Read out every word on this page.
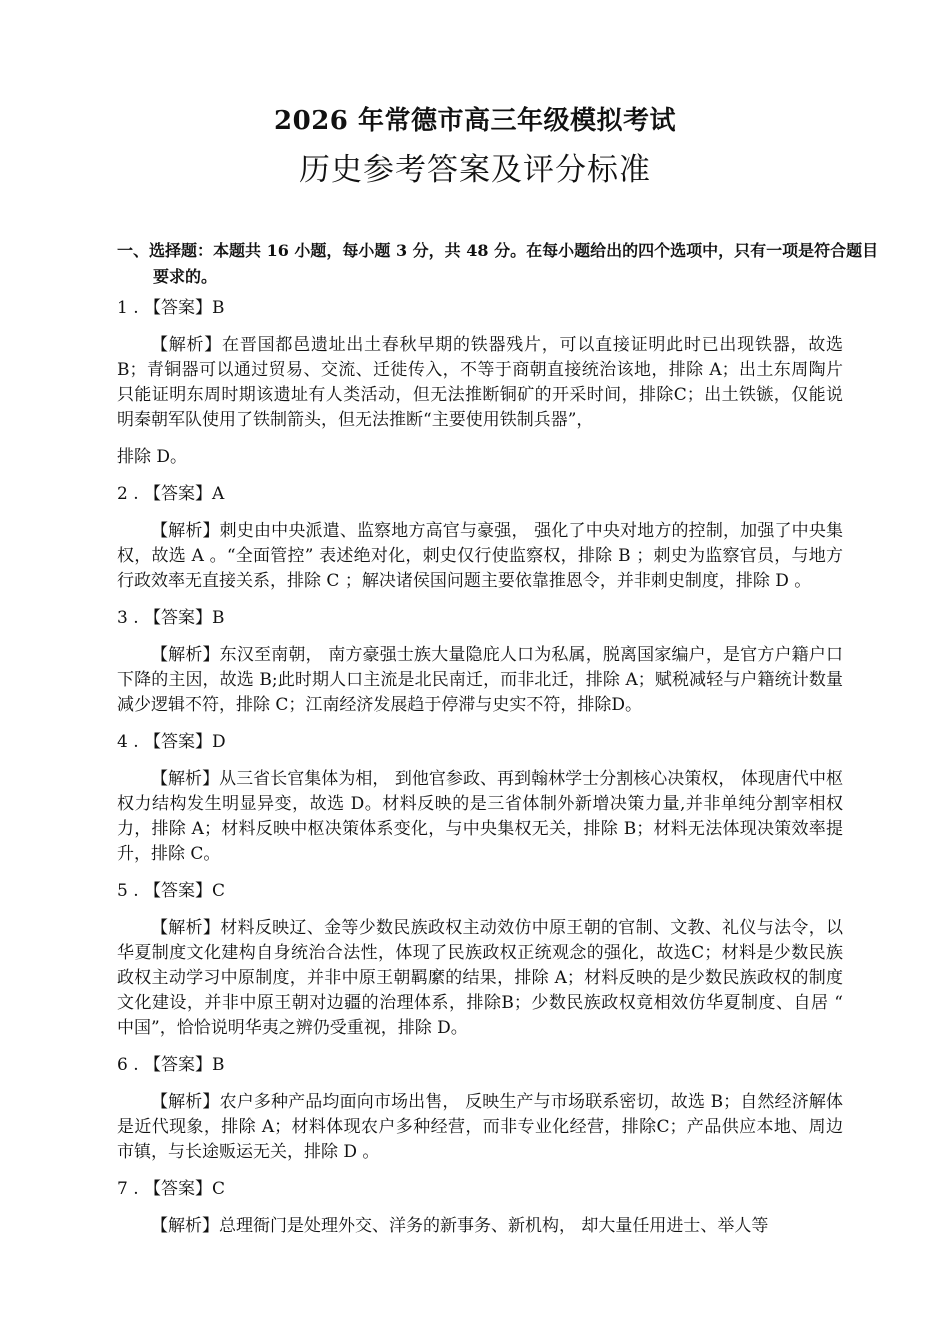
2026 年常德市高三年级模拟考试
历史参考答案及评分标准
一、选择题：本题共 16 小题，每小题 3 分，共 48 分。在每小题给出的四个选项中，只有一项是符合题目要求的。
1 . 【答案】B
【解析】在晋国都邑遗址出土春秋早期的铁器残片，可以直接证明此时已出现铁器，故选 B；青铜器可以通过贸易、交流、迁徙传入，不等于商朝直接统治该地，排除 A；出土东周陶片只能证明东周时期该遗址有人类活动，但无法推断铜矿的开采时间，排除C；出土铁镞，仅能说明秦朝军队使用了铁制箭头，但无法推断“主要使用铁制兵器”，
排除 D。
2 . 【答案】A
【解析】刺史由中央派遣、监察地方高官与豪强， 强化了中央对地方的控制，加强了中央集权，故选 A 。“全面管控” 表述绝对化，刺史仅行使监察权，排除 B ；刺史为监察官员，与地方行政效率无直接关系，排除 C ；解决诸侯国问题主要依靠推恩令，并非刺史制度，排除 D 。
3 . 【答案】B
【解析】东汉至南朝， 南方豪强士族大量隐庇人口为私属，脱离国家编户，是官方户籍户口下降的主因，故选 B;此时期人口主流是北民南迁，而非北迁，排除 A；赋税减轻与户籍统计数量减少逻辑不符，排除 C；江南经济发展趋于停滞与史实不符，排除D。
4 . 【答案】D
【解析】从三省长官集体为相， 到他官参政、再到翰林学士分割核心决策权， 体现唐代中枢权力结构发生明显异变，故选 D。材料反映的是三省体制外新增决策力量,并非单纯分割宰相权力，排除 A；材料反映中枢决策体系变化，与中央集权无关，排除 B；材料无法体现决策效率提升，排除 C。
5 . 【答案】C
【解析】材料反映辽、金等少数民族政权主动效仿中原王朝的官制、文教、礼仪与法令，以华夏制度文化建构自身统治合法性，体现了民族政权正统观念的强化，故选C；材料是少数民族政权主动学习中原制度，并非中原王朝羁縻的结果，排除 A；材料反映的是少数民族政权的制度文化建设，并非中原王朝对边疆的治理体系，排除B；少数民族政权竟相效仿华夏制度、自居 “ 中国”，恰恰说明华夷之辨仍受重视，排除 D。
6 . 【答案】B
【解析】农户多种产品均面向市场出售， 反映生产与市场联系密切，故选 B；自然经济解体是近代现象，排除 A；材料体现农户多种经营，而非专业化经营，排除C；产品供应本地、周边市镇，与长途贩运无关，排除 D 。
7 . 【答案】C
【解析】总理衙门是处理外交、洋务的新事务、新机构， 却大量任用进士、举人等
